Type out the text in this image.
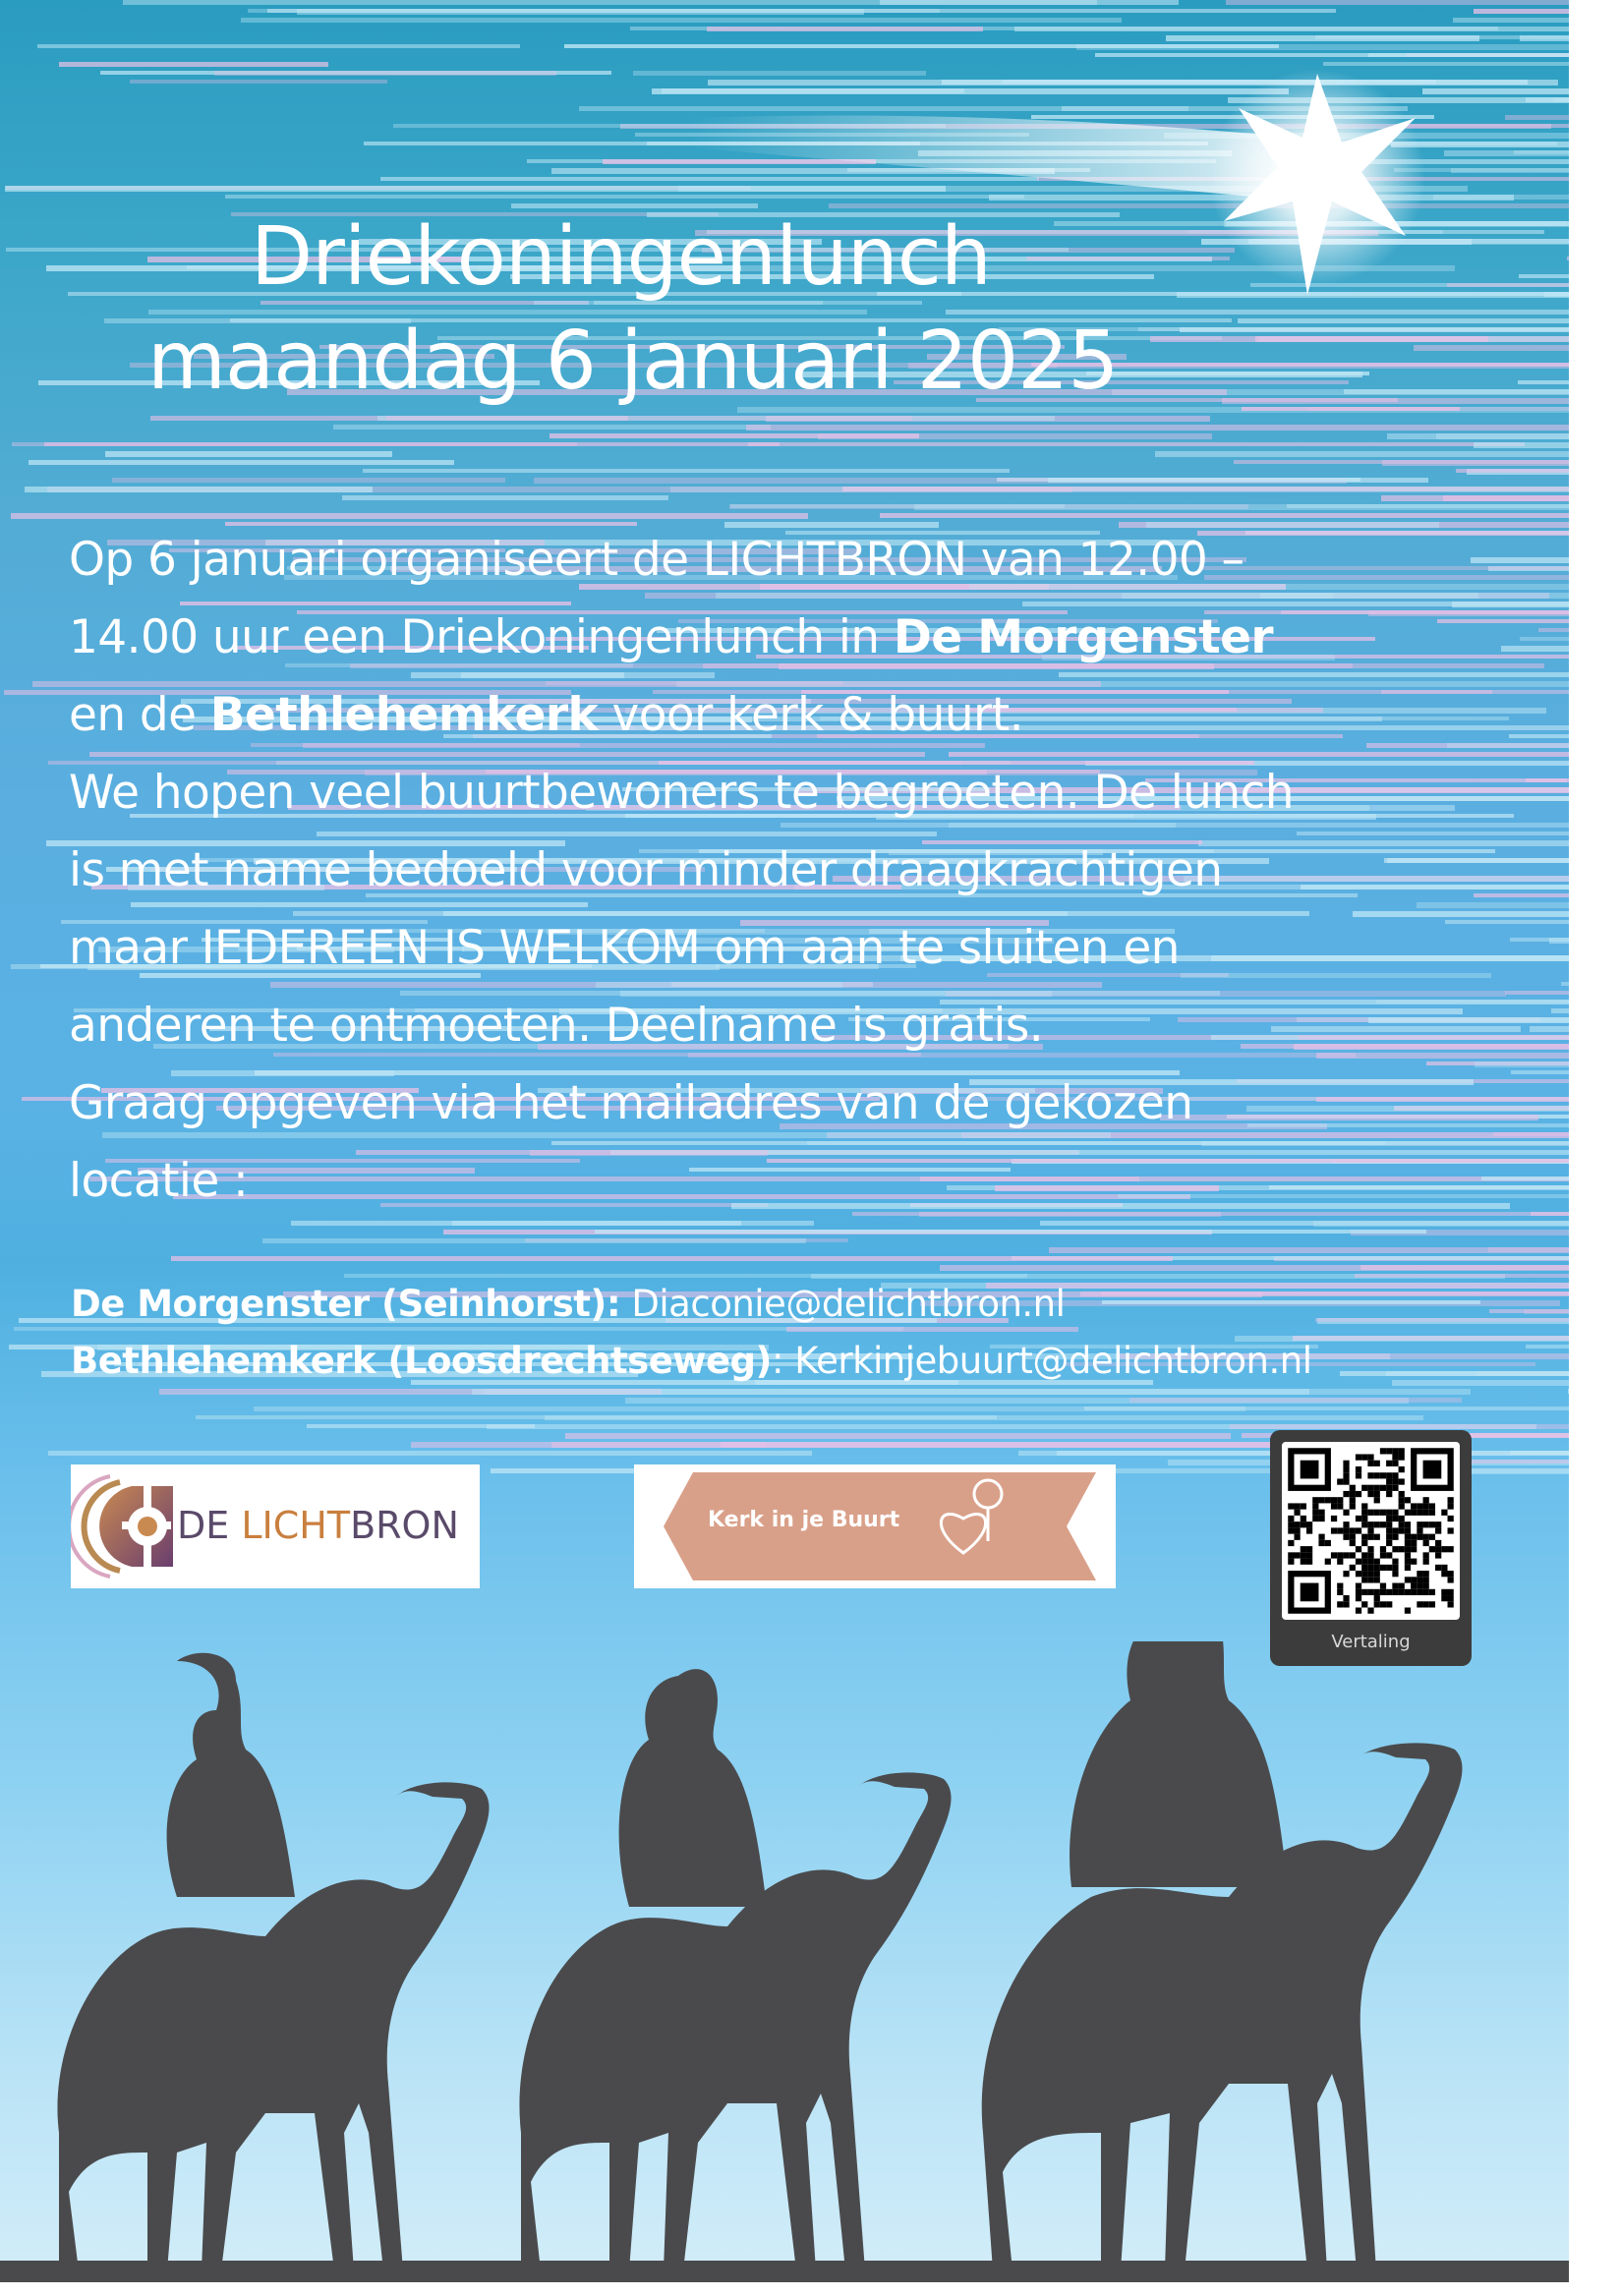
Driekoningenlunch
maandag 6 januari 2025
Op 6 januari organiseert de LICHTBRON van 12.00 –
14.00 uur een Driekoningenlunch in De Morgenster
en de Bethlehemkerk voor kerk & buurt.
We hopen veel buurtbewoners te begroeten. De lunch
is met name bedoeld voor minder draagkrachtigen
maar IEDEREEN IS WELKOM om aan te sluiten en
anderen te ontmoeten. Deelname is gratis.
Graag opgeven via het mailadres van de gekozen
locatie :
De Morgenster (Seinhorst): Diaconie@delichtbron.nl
Bethlehemkerk (Loosdrechtseweg): Kerkinjebuurt@delichtbron.nl
DE LICHTBRON	Kerk in je Buurt
Vertaling
